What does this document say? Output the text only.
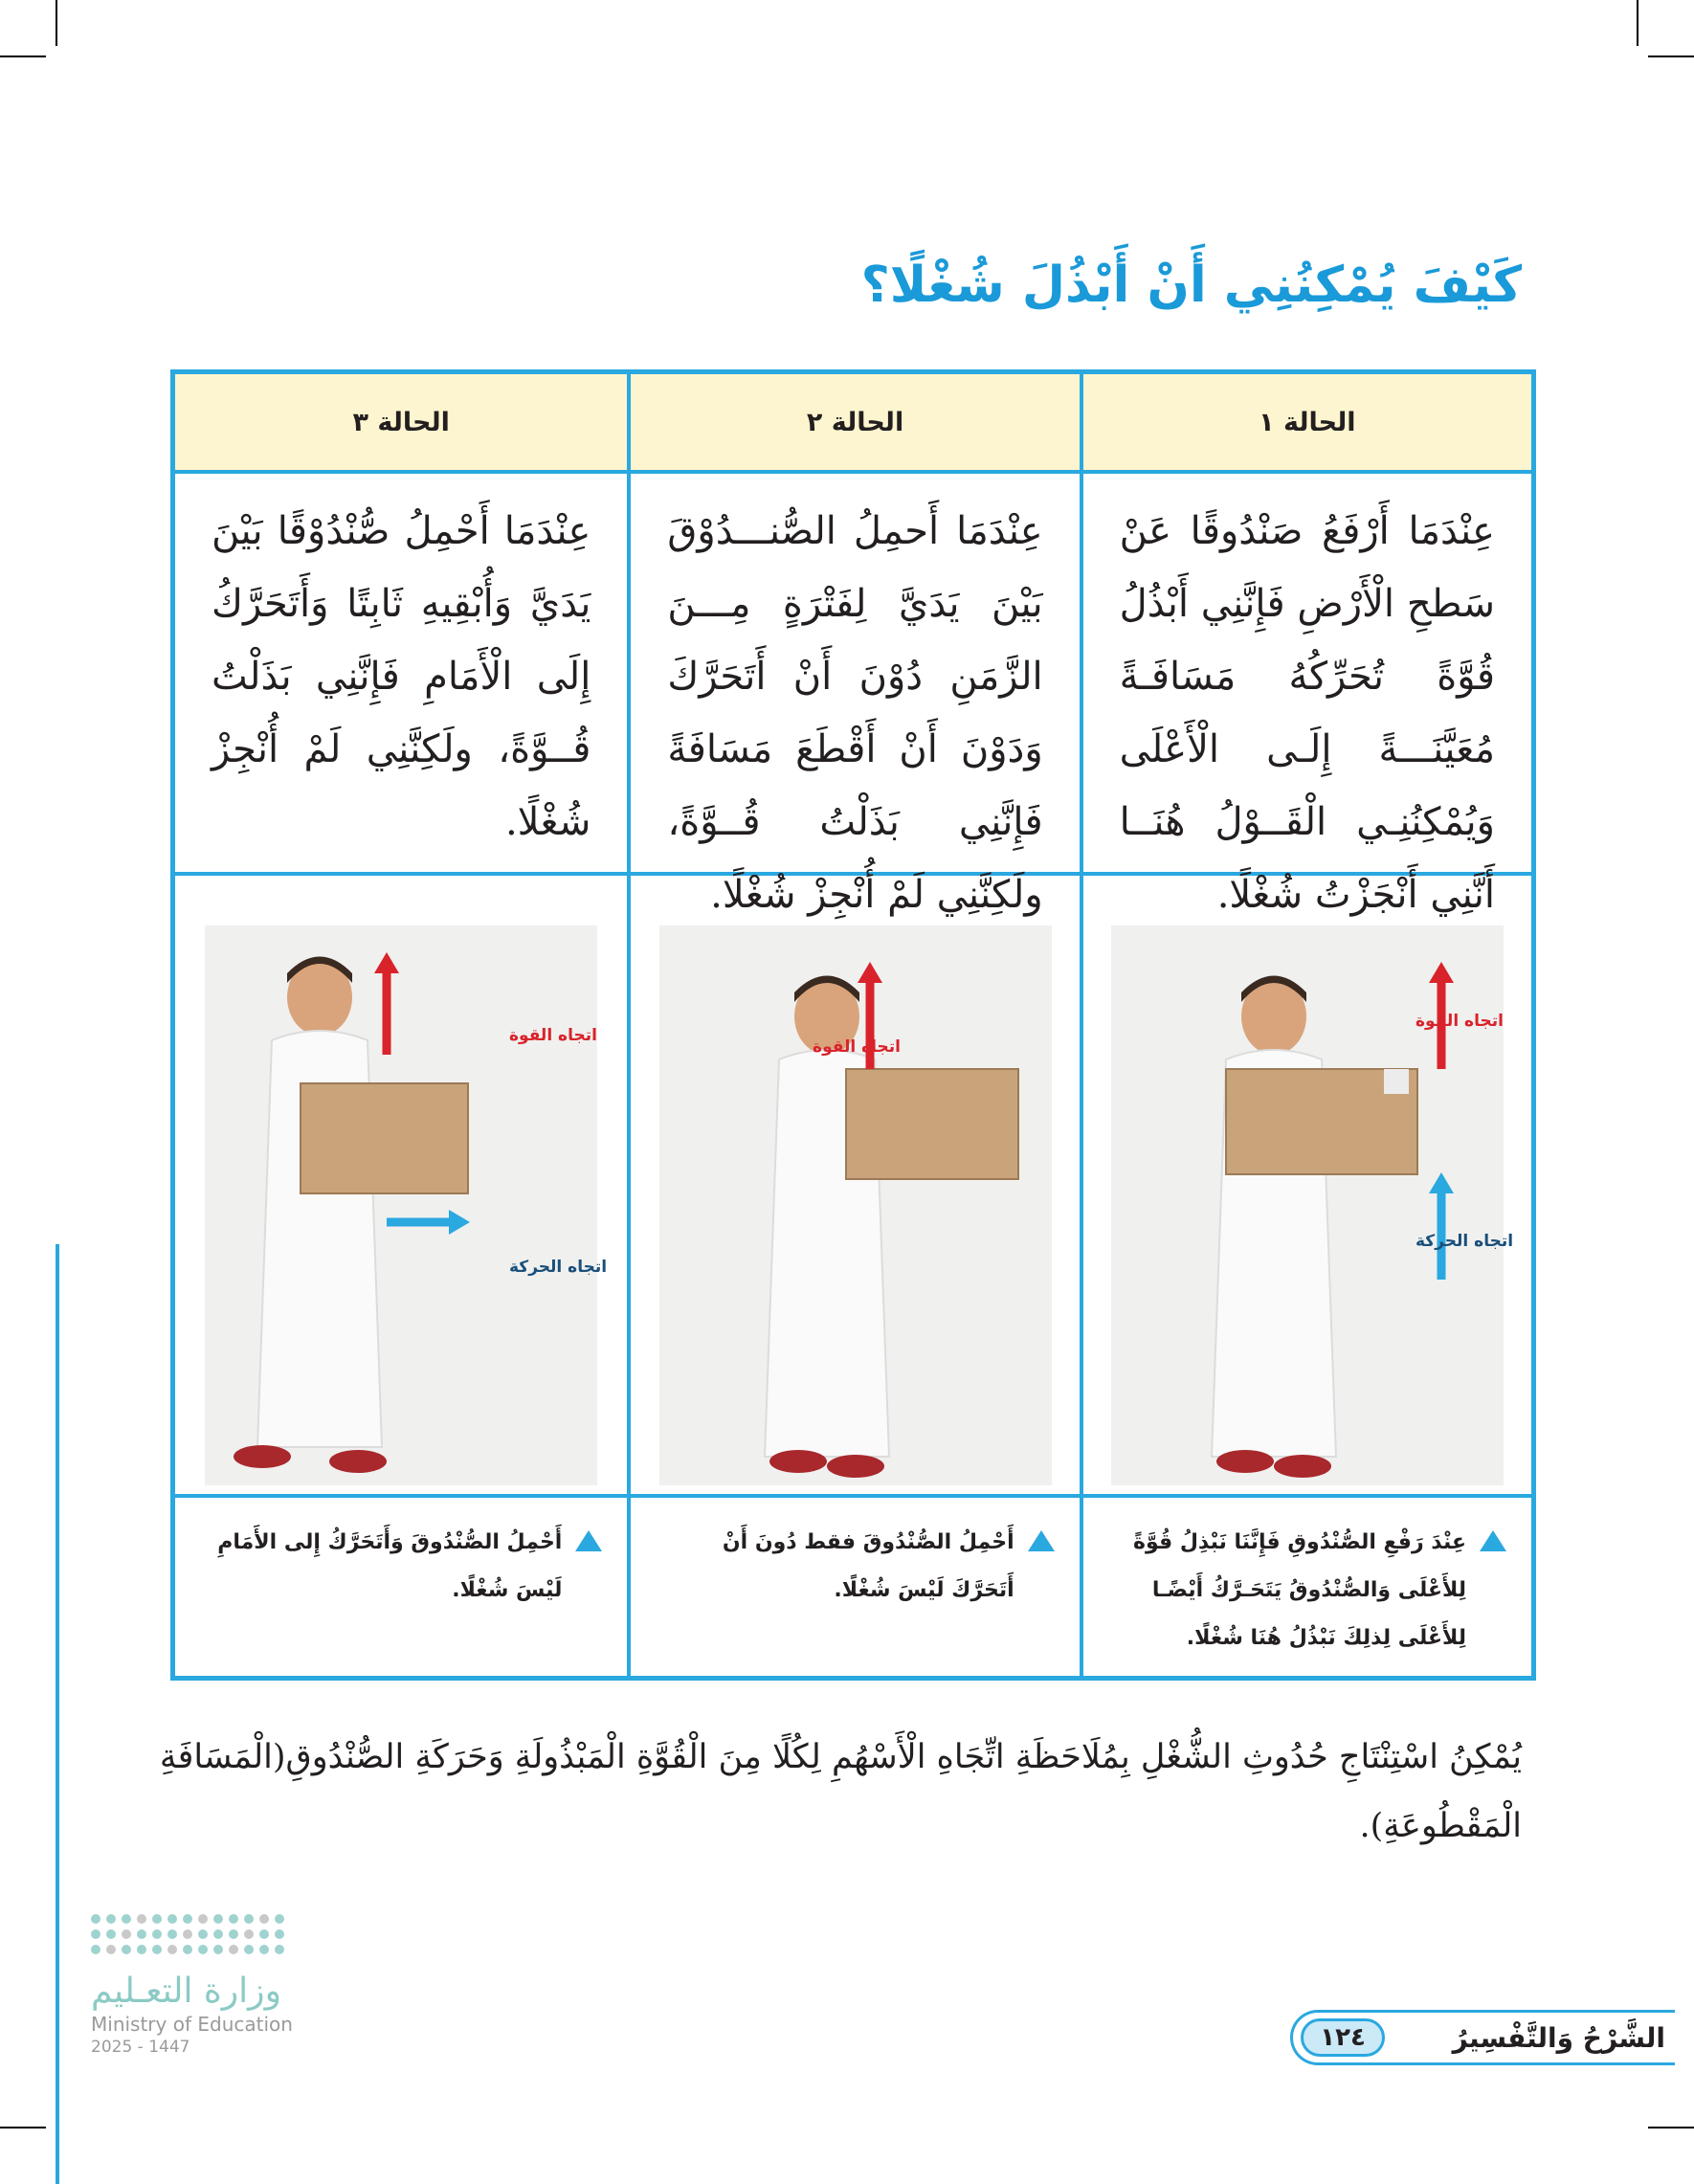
كَيْفَ يُمْكِنُنِي أَنْ أَبْذُلَ شُغْلًا؟
الحالة ١
الحالة ٢
الحالة ٣
عِنْدَمَا أَرْفَعُ صَنْدُوقًا عَنْ سَطحِ الْأَرْضِ فَإِنَّنِي أَبْذُلُ قُوَّةً تُحَرِّكُهُ مَسَافَـةً مُعَيَّنَـــةً إِلَـى الْأَعْلَى وَيُمْكِنُنِـي الْقَــوْلُ هُنَــا أَنَّنِي أَنْجَزْتُ شُغْلًا.
عِنْدَمَا أَحمِلُ الصُّنـــدُوْقَ بَيْنَ يَدَيَّ لِفَتْرَةٍ مِـــنَ الزَّمَنِ دُوْنَ أَنْ أَتَحَرَّكَ وَدَوْنَ أَنْ أَقْطَعَ مَسَافَةً فَإِنَّنِي بَذَلْتُ قُــوَّةً، ولَكِنَّنِي لَمْ أُنْجِزْ شُغْلًا.
عِنْدَمَا أَحْمِلُ صُّنْدُوْقًا بَيْنَ يَدَيَّ وَأُبْقِيهِ ثَابِتًا وَأَتَحَرَّكُ إِلَى الْأَمَامِ فَإِنَّنِي بَذَلْتُ قُــوَّةً، ولَكِنَّنِي لَمْ أُنْجِزْ شُغْلًا.
اتجاه القوة
اتجاه الحركة
اتجاه القوة
اتجاه القوة
اتجاه الحركة
عِنْدَ رَفْعِ الصُّنْدُوقِ فَإِنَّنَا نَبْذِلُ قُوَّةً لِلأَعْلَى وَالصُّنْدُوقُ يَتَحَـرَّكُ أَيْضًـا لِلأَعْلَى لِذلِكَ نَبْذُلُ هُنَا شُغْلًا.
أَحْمِلُ الصُّنْدُوقَ فقط دُونَ أَنْ أَتَحَرَّكَ لَيْسَ شُغْلًا.
أَحْمِلُ الصُّنْدُوقَ وَأَتَحَرَّكُ إِلى الأَمَامِ لَيْسَ شُغْلًا.

يُمْكِنُ اسْتِنْتَاجِ حُدُوثِ الشُّغْلِ بِمُلَاحَظَةِ اتِّجَاهِ الْأَسْهُمِ لِكُلًا مِنَ الْقُوَّةِ الْمَبْذُولَةِ وَحَرَكَةِ الصُّنْدُوقِ(الْمَسَافَةِ الْمَقْطُوعَةِ).

وزارة التعـليم
Ministry of Education
2025 - 1447	الشَّرْحُ وَالتَّفْسِيرُ
١٢٤
